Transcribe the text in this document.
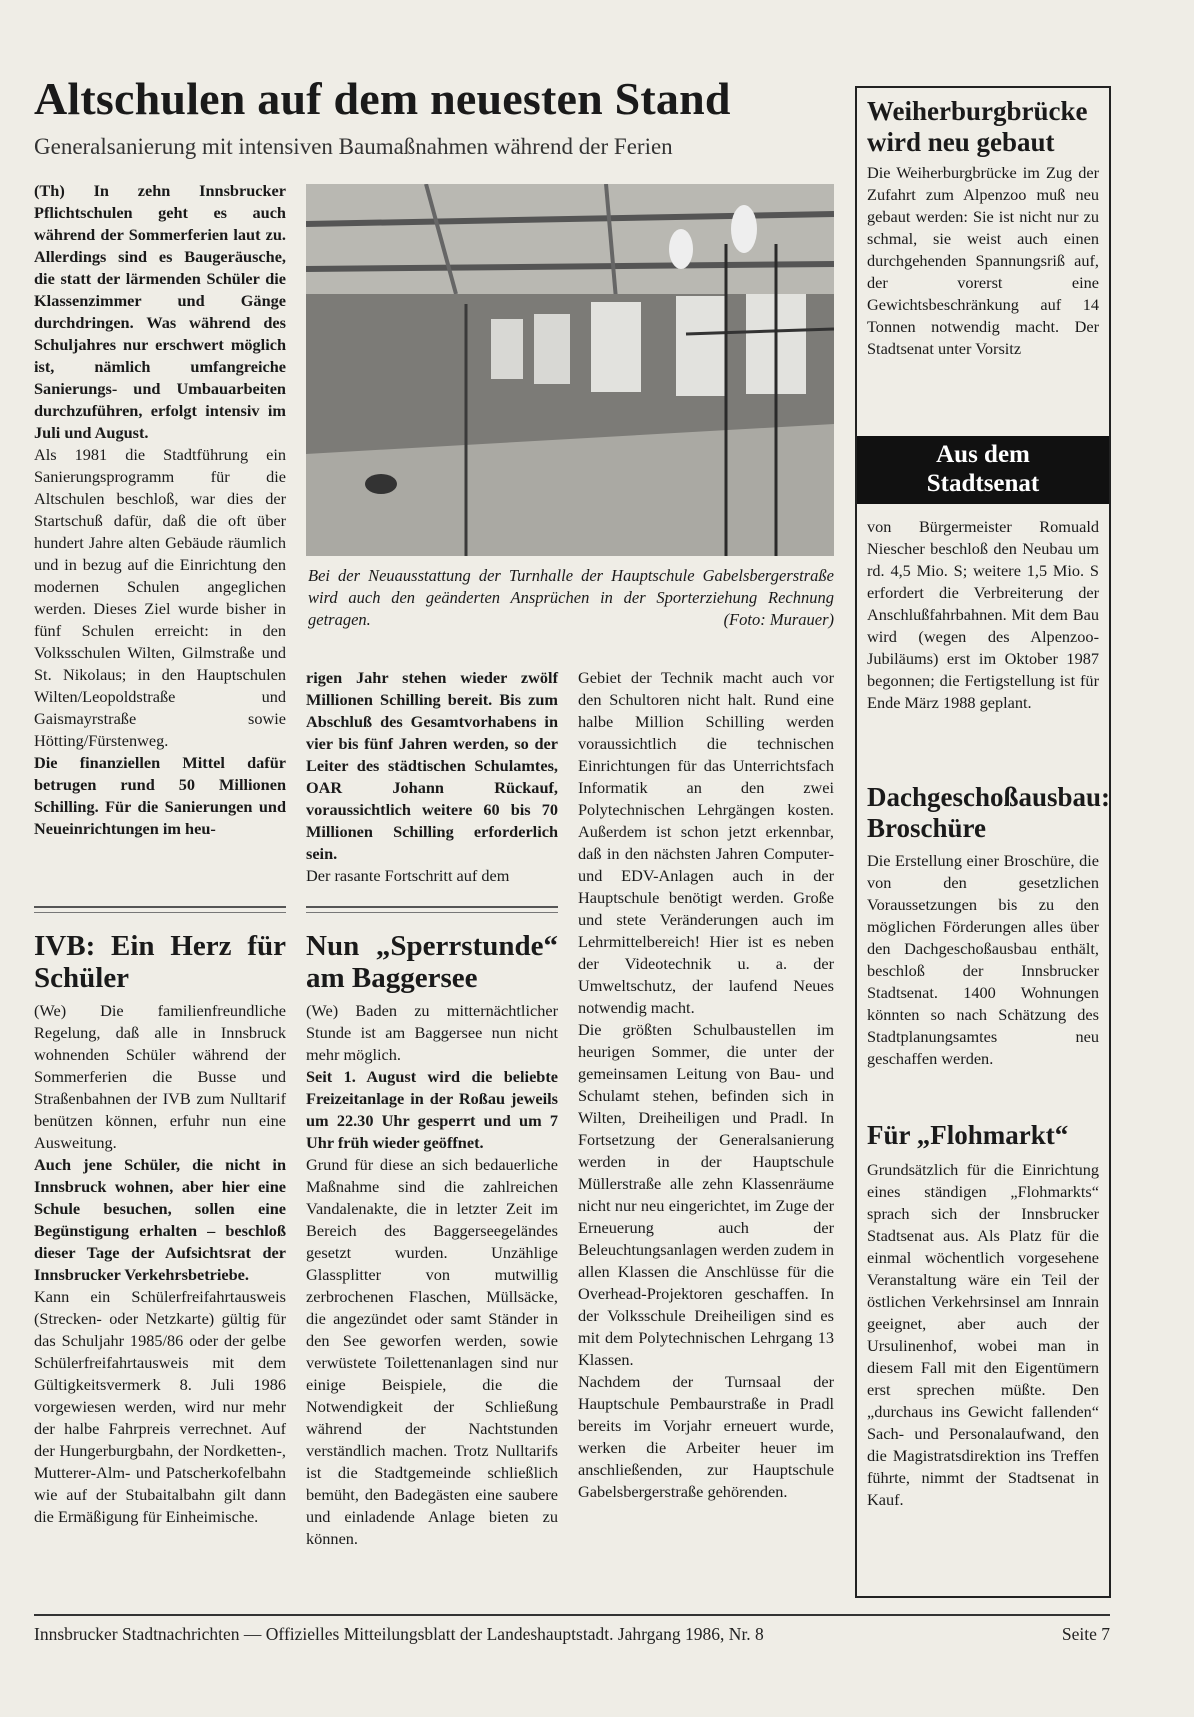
Altschulen auf dem neuesten Stand
Generalsanierung mit intensiven Baumaßnahmen während der Ferien

(Th) In zehn Innsbrucker Pflichtschulen geht es auch während der Sommerferien laut zu. Allerdings sind es Baugeräusche, die statt der lärmenden Schüler die Klassenzimmer und Gänge durchdringen. Was während des Schuljahres nur erschwert möglich ist, nämlich umfangreiche Sanierungs- und Umbauarbeiten durchzuführen, erfolgt intensiv im Juli und August.

Als 1981 die Stadtführung ein Sanierungsprogramm für die Altschulen beschloß, war dies der Startschuß dafür, daß die oft über hundert Jahre alten Gebäude räumlich und in bezug auf die Einrichtung den modernen Schulen angeglichen werden. Dieses Ziel wurde bisher in fünf Schulen erreicht: in den Volksschulen Wilten, Gilmstraße und St. Nikolaus; in den Hauptschulen Wilten/Leopoldstraße und Gaismayrstraße sowie Hötting/Fürstenweg.

Die finanziellen Mittel dafür betrugen rund 50 Millionen Schilling. Für die Sanierungen und Neueinrichtungen im heu-

Bei der Neuausstattung der Turnhalle der Hauptschule Gabelsbergerstraße wird auch den geänderten Ansprüchen in der Sporterziehung Rechnung getragen.	(Foto: Murauer)

rigen Jahr stehen wieder zwölf Millionen Schilling bereit. Bis zum Abschluß des Gesamtvorhabens in vier bis fünf Jahren werden, so der Leiter des städtischen Schulamtes, OAR Johann Rückauf, voraussichtlich weitere 60 bis 70 Millionen Schilling erforderlich sein.

Der rasante Fortschritt auf dem

Gebiet der Technik macht auch vor den Schultoren nicht halt. Rund eine halbe Million Schilling werden voraussichtlich die technischen Einrichtungen für das Unterrichtsfach Informatik an den zwei Polytechnischen Lehrgängen kosten. Außerdem ist schon jetzt erkennbar, daß in den nächsten Jahren Computer- und EDV-Anlagen auch in der Hauptschule benötigt werden. Große und stete Veränderungen auch im Lehrmittelbereich! Hier ist es neben der Videotechnik u. a. der Umweltschutz, der laufend Neues notwendig macht.

Die größten Schulbaustellen im heurigen Sommer, die unter der gemeinsamen Leitung von Bau- und Schulamt stehen, befinden sich in Wilten, Dreiheiligen und Pradl. In Fortsetzung der Generalsanierung werden in der Hauptschule Müllerstraße alle zehn Klassenräume nicht nur neu eingerichtet, im Zuge der Erneuerung auch der Beleuchtungsanlagen werden zudem in allen Klassen die Anschlüsse für die Overhead-Projektoren geschaffen. In der Volksschule Dreiheiligen sind es mit dem Polytechnischen Lehrgang 13 Klassen.

Nachdem der Turnsaal der Hauptschule Pembaurstraße in Pradl bereits im Vorjahr erneuert wurde, werken die Arbeiter heuer im anschließenden, zur Hauptschule Gabelsbergerstraße gehörenden.

IVB: Ein Herz für Schüler

(We) Die familienfreundliche Regelung, daß alle in Innsbruck wohnenden Schüler während der Sommerferien die Busse und Straßenbahnen der IVB zum Nulltarif benützen können, erfuhr nun eine Ausweitung.

Auch jene Schüler, die nicht in Innsbruck wohnen, aber hier eine Schule besuchen, sollen eine Begünstigung erhalten – beschloß dieser Tage der Aufsichtsrat der Innsbrucker Verkehrsbetriebe.

Kann ein Schülerfreifahrtausweis (Strecken- oder Netzkarte) gültig für das Schuljahr 1985/86 oder der gelbe Schülerfreifahrtausweis mit dem Gültigkeitsvermerk 8. Juli 1986 vorgewiesen werden, wird nur mehr der halbe Fahrpreis verrechnet. Auf der Hungerburgbahn, der Nordketten-, Mutterer-Alm- und Patscherkofelbahn wie auf der Stubaitalbahn gilt dann die Ermäßigung für Einheimische.

Nun „Sperrstunde“ am Baggersee

(We) Baden zu mitternächtlicher Stunde ist am Baggersee nun nicht mehr möglich.

Seit 1. August wird die beliebte Freizeitanlage in der Roßau jeweils um 22.30 Uhr gesperrt und um 7 Uhr früh wieder geöffnet.

Grund für diese an sich bedauerliche Maßnahme sind die zahlreichen Vandalenakte, die in letzter Zeit im Bereich des Baggerseegeländes gesetzt wurden. Unzählige Glassplitter von mutwillig zerbrochenen Flaschen, Müllsäcke, die angezündet oder samt Ständer in den See geworfen werden, sowie verwüstete Toilettenanlagen sind nur einige Beispiele, die die Notwendigkeit der Schließung während der Nachtstunden verständlich machen. Trotz Nulltarifs ist die Stadtgemeinde schließlich bemüht, den Badegästen eine saubere und einladende Anlage bieten zu können.

Weiherburgbrücke wird neu gebaut

Die Weiherburgbrücke im Zug der Zufahrt zum Alpenzoo muß neu gebaut werden: Sie ist nicht nur zu schmal, sie weist auch einen durchgehenden Spannungsriß auf, der vorerst eine Gewichtsbeschränkung auf 14 Tonnen notwendig macht. Der Stadtsenat unter Vorsitz

Aus dem
Stadtsenat

von Bürgermeister Romuald Niescher beschloß den Neubau um rd. 4,5 Mio. S; weitere 1,5 Mio. S erfordert die Verbreiterung der Anschlußfahrbahnen. Mit dem Bau wird (wegen des Alpenzoo-Jubiläums) erst im Oktober 1987 begonnen; die Fertigstellung ist für Ende März 1988 geplant.

Dachgeschoßausbau: Broschüre

Die Erstellung einer Broschüre, die von den gesetzlichen Voraussetzungen bis zu den möglichen Förderungen alles über den Dachgeschoßausbau enthält, beschloß der Innsbrucker Stadtsenat. 1400 Wohnungen könnten so nach Schätzung des Stadtplanungsamtes neu geschaffen werden.

Für „Flohmarkt“

Grundsätzlich für die Einrichtung eines ständigen „Flohmarkts“ sprach sich der Innsbrucker Stadtsenat aus. Als Platz für die einmal wöchentlich vorgesehene Veranstaltung wäre ein Teil der östlichen Verkehrsinsel am Innrain geeignet, aber auch der Ursulinenhof, wobei man in diesem Fall mit den Eigentümern erst sprechen müßte. Den „durchaus ins Gewicht fallenden“ Sach- und Personalaufwand, den die Magistratsdirektion ins Treffen führte, nimmt der Stadtsenat in Kauf.

Innsbrucker Stadtnachrichten — Offizielles Mitteilungsblatt der Landeshauptstadt. Jahrgang 1986, Nr. 8	Seite 7
